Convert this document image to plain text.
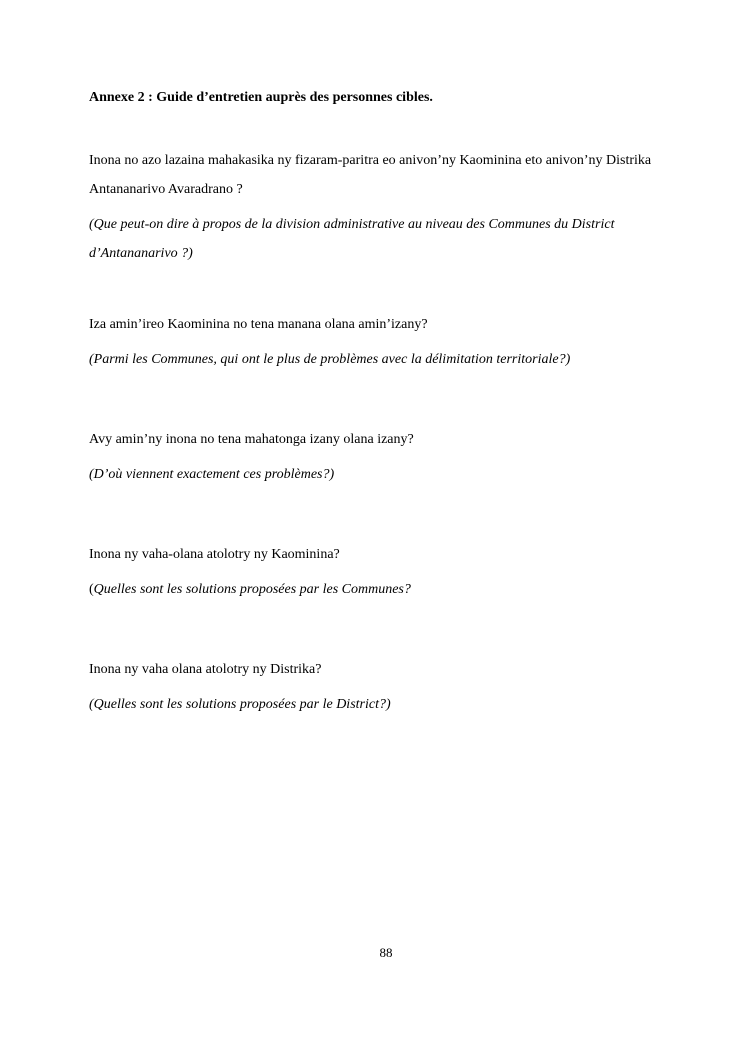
Annexe 2 : Guide d’entretien auprès des personnes cibles.

Inona no azo lazaina mahakasika ny fizaram-paritra eo anivon’ny Kaominina eto anivon’ny Distrika Antananarivo Avaradrano ?

(Que peut-on dire à propos de la division administrative au niveau des Communes du District d’Antananarivo ?)

Iza amin’ireo Kaominina no tena manana olana amin’izany?

(Parmi les Communes, qui ont le plus de problèmes avec la délimitation territoriale?)

Avy amin’ny inona no tena mahatonga izany olana izany?

(D’où viennent exactement ces problèmes?)

Inona ny vaha-olana atolotry ny Kaominina?

(Quelles sont les solutions proposées par les Communes?

Inona ny vaha olana atolotry ny Distrika?

(Quelles sont les solutions proposées par le District?)

88
